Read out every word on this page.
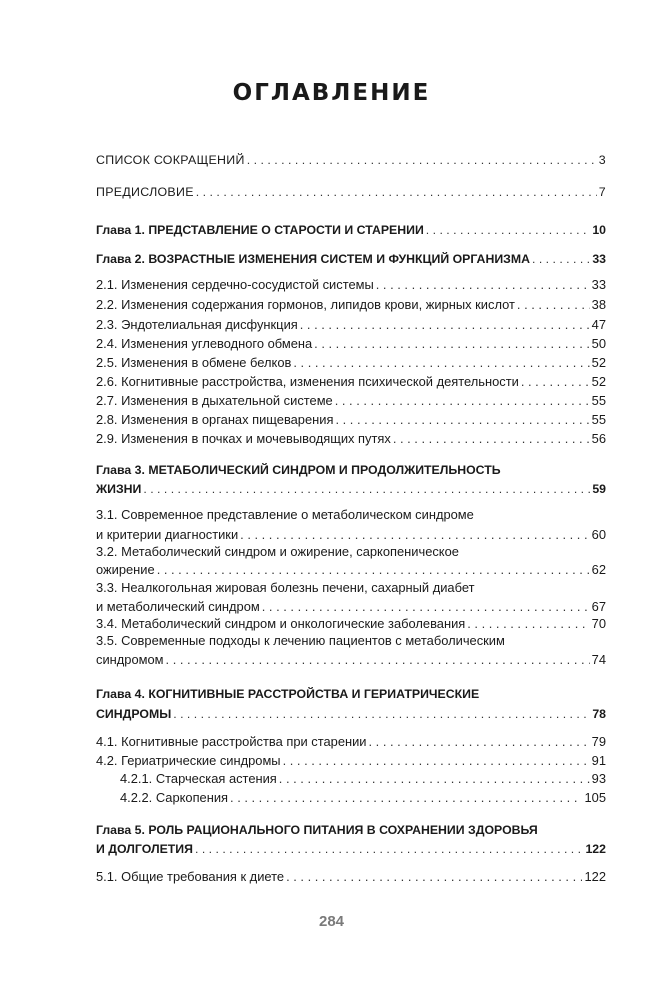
ОГЛАВЛЕНИЕ
СПИСОК СОКРАЩЕНИЙ . . .	3
ПРЕДИСЛОВИЕ . . .	7
Глава 1. ПРЕДСТАВЛЕНИЕ О СТАРОСТИ И СТАРЕНИИ . . .	10
Глава 2. ВОЗРАСТНЫЕ ИЗМЕНЕНИЯ СИСТЕМ И ФУНКЦИЙ ОРГАНИЗМА . . .	33
2.1. Изменения сердечно-сосудистой системы . . .	33
2.2. Изменения содержания гормонов, липидов крови, жирных кислот . . .	38
2.3. Эндотелиальная дисфункция . . .	47
2.4. Изменения углеводного обмена . . .	50
2.5. Изменения в обмене белков . . .	52
2.6. Когнитивные расстройства, изменения психической деятельности . . .	52
2.7. Изменения в дыхательной системе . . .	55
2.8. Изменения в органах пищеварения . . .	55
2.9. Изменения в почках и мочевыводящих путях . . .	56
Глава 3. МЕТАБОЛИЧЕСКИЙ СИНДРОМ И ПРОДОЛЖИТЕЛЬНОСТЬ
ЖИЗНИ . . .	59
3.1. Современное представление о метаболическом синдроме
и критерии диагностики . . .	60
3.2. Метаболический синдром и ожирение, саркопеническое
ожирение . . .	62
3.3. Неалкогольная жировая болезнь печени, сахарный диабет
и метаболический синдром . . .	67
3.4. Метаболический синдром и онкологические заболевания . . .	70
3.5. Современные подходы к лечению пациентов с метаболическим
синдромом . . .	74
Глава 4. КОГНИТИВНЫЕ РАССТРОЙСТВА И ГЕРИАТРИЧЕСКИЕ
СИНДРОМЫ . . .	78
4.1. Когнитивные расстройства при старении . . .	79
4.2. Гериатрические синдромы . . .	91
4.2.1. Старческая астения . . .	93
4.2.2. Саркопения . . .	105
Глава 5. РОЛЬ РАЦИОНАЛЬНОГО ПИТАНИЯ В СОХРАНЕНИИ ЗДОРОВЬЯ
И ДОЛГОЛЕТИЯ . . .	122
5.1. Общие требования к диете . . .	122
284
